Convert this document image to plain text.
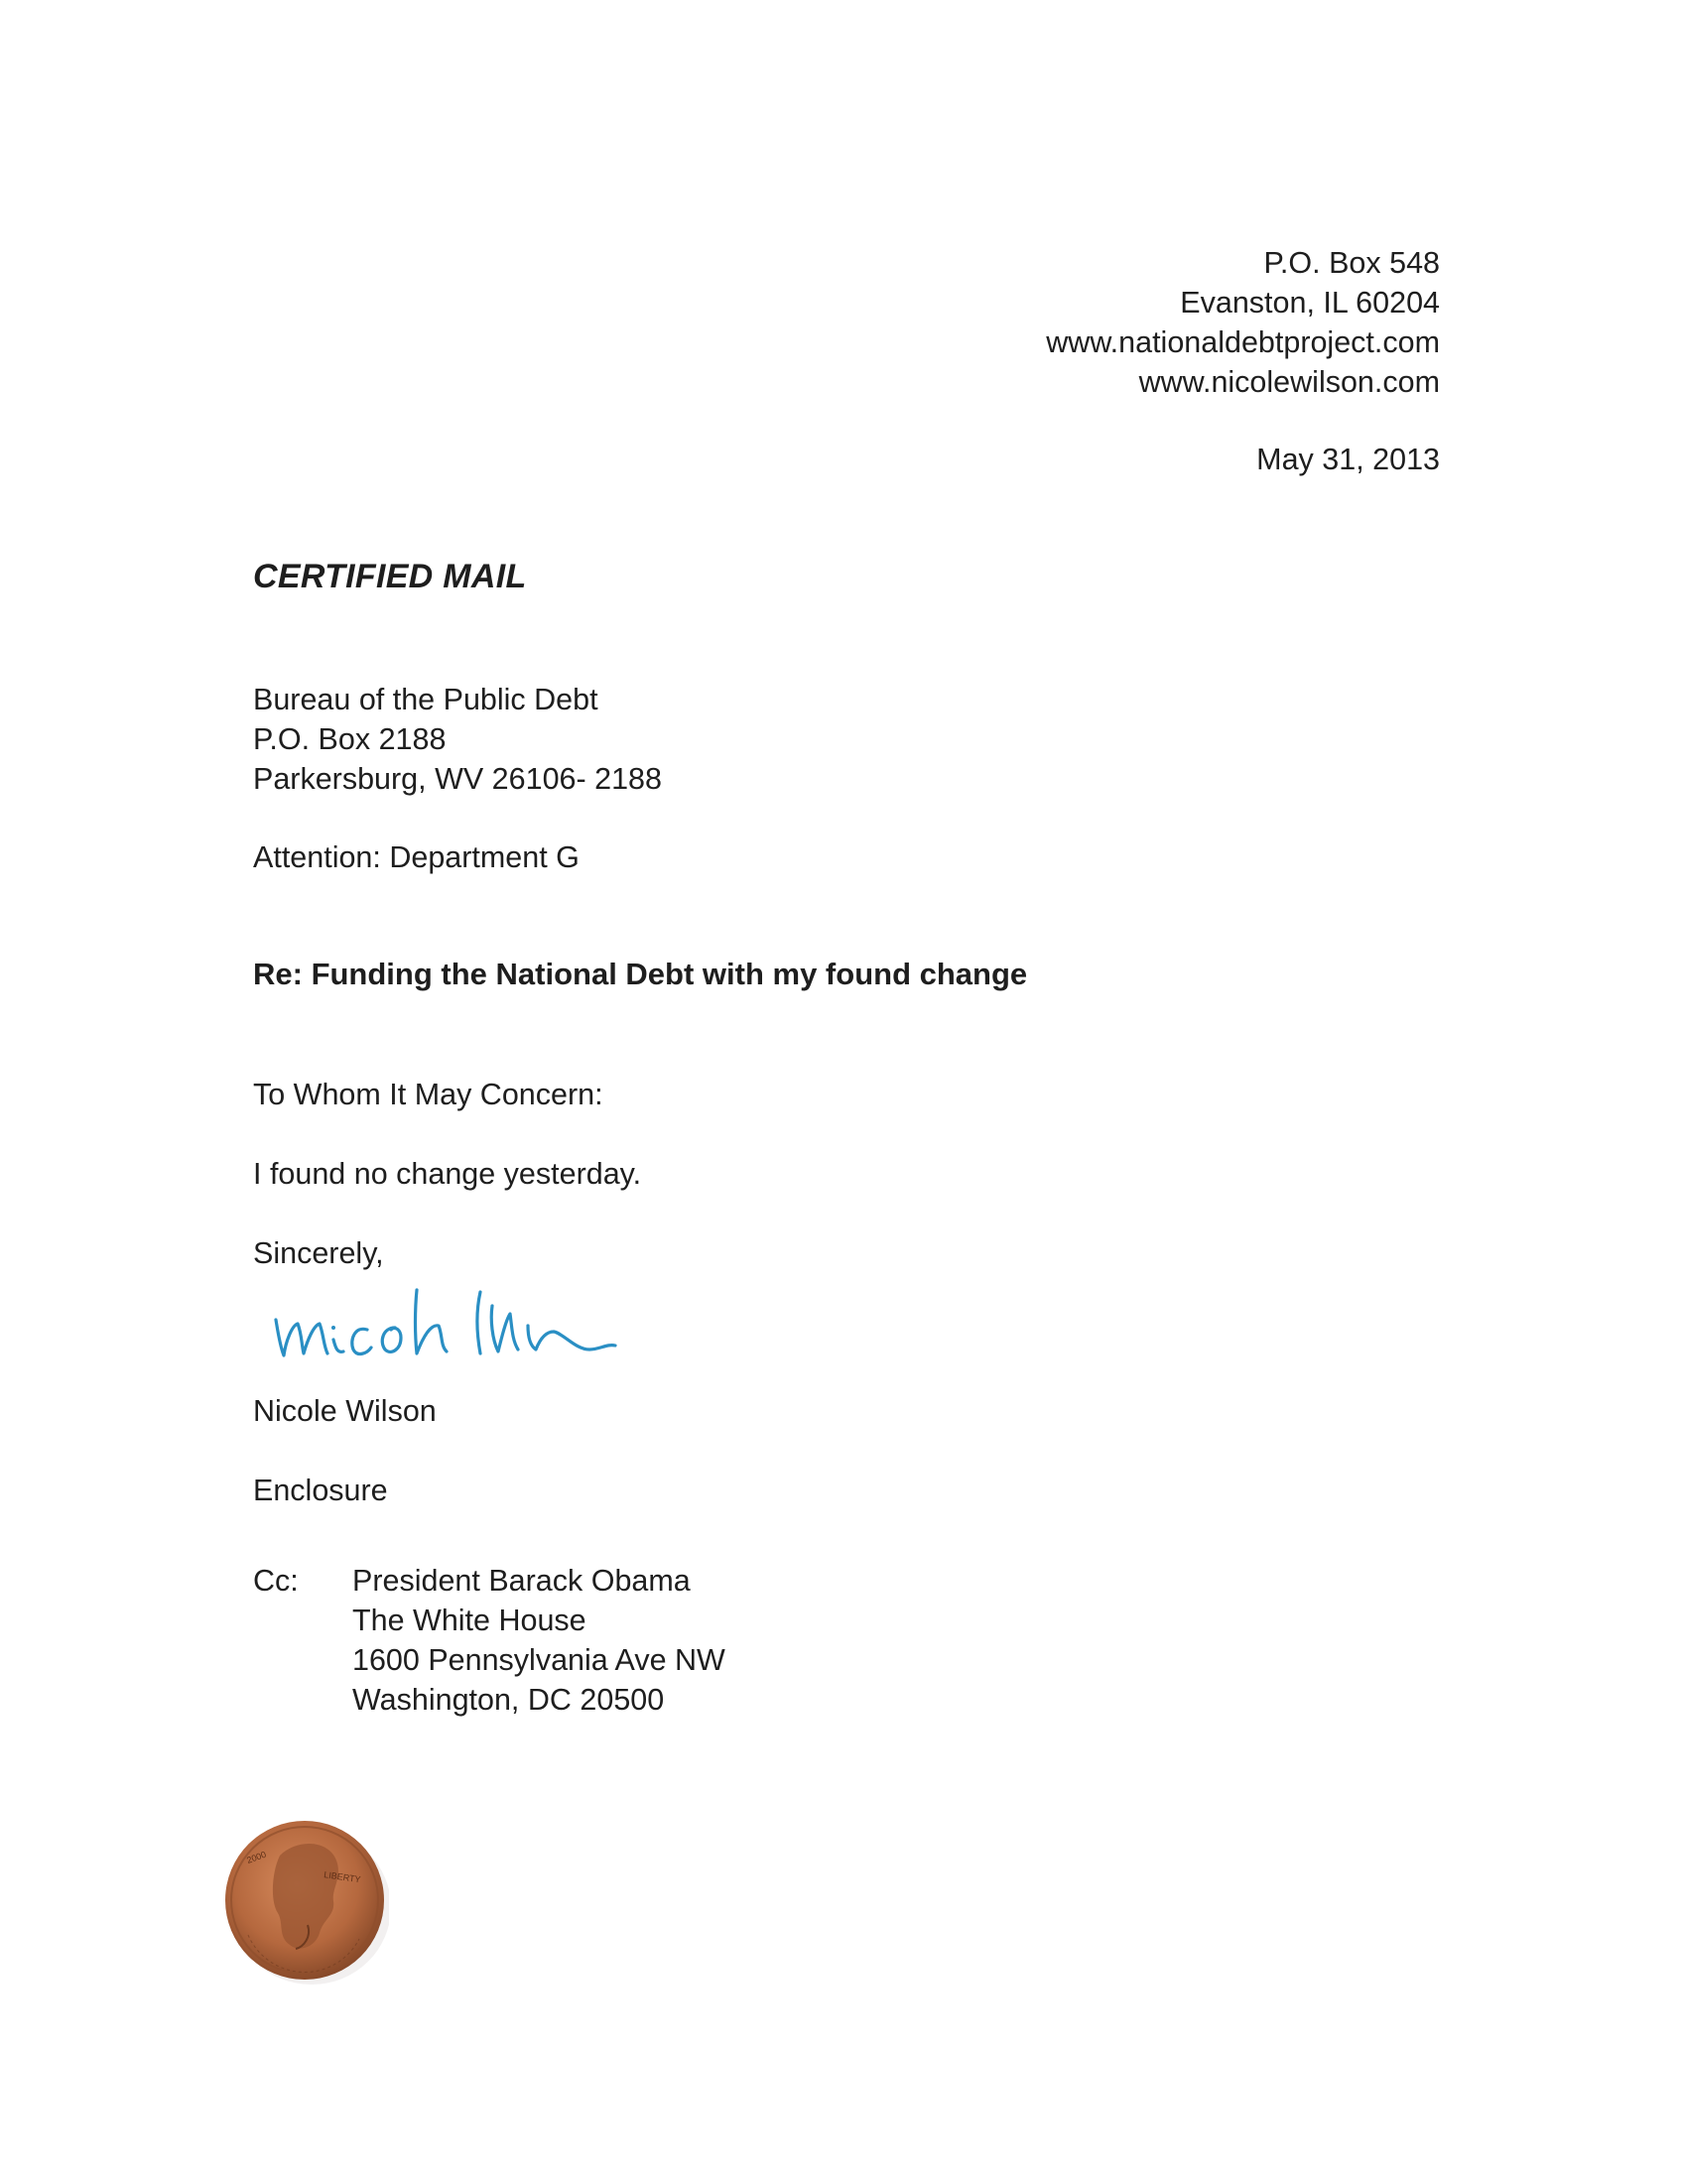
P.O. Box 548
Evanston, IL 60204
www.nationaldebtproject.com
www.nicolewilson.com
May 31, 2013
CERTIFIED MAIL
Bureau of the Public Debt
P.O. Box 2188
Parkersburg, WV 26106- 2188
Attention: Department G
Re: Funding the National Debt with my found change
To Whom It May Concern:
I found no change yesterday.
Sincerely,
Nicole Wilson
Enclosure
Cc: President Barack Obama
The White House
1600 Pennsylvania Ave NW
Washington, DC 20500
LIBERTY
2000
